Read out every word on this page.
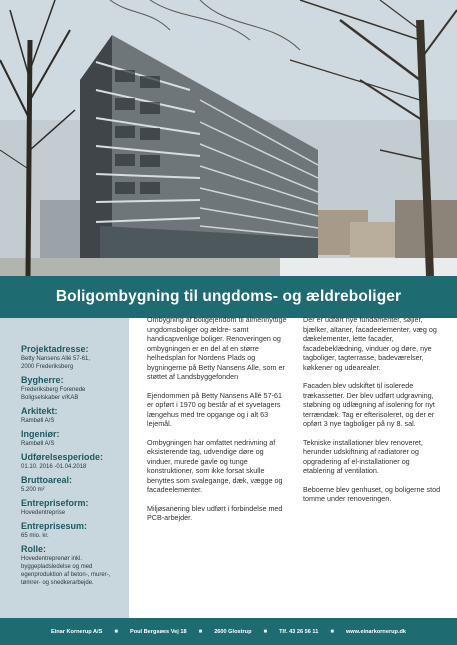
Boligombygning til ungdoms- og ældreboliger
Projektadresse:
Betty Nansens Allé 57-61,
2000 Frederiksberg
Bygherre:
Frederiksberg Forenede
Boligselskaber v/KAB
Arkitekt:
Rambøll A/S
Ingeniør:
Rambøll A/S
Udførelsesperiode:
01.10. 2016 -01.04.2018
Bruttoareal:
5.200 m²
Entrepriseform:
Hovedentreprise
Entreprisesum:
65 mio. kr.
Rolle:
Hovedentreprenør inkl.
byggepladsledelse og med
egenproduktion af beton-, murer-,
tømrer- og snedkerarbejde.

Ombygning af boligejendom til almennyttige ungdomsboliger og ældre- samt handicapvenlige boliger. Renoveringen og ombygningen er en del af en større helhedsplan for Nordens Plads og bygningerne på Betty Nansens Alle, som er støttet af Landsbyggefonden

Ejendommen på Betty Nansens Allé 57-61 er opført i 1970 og består af et syvetagers længehus med tre opgange og i alt 63 lejemål.

Ombygningen har omfattet nedrivning af eksisterende tag, udvendige døre og vinduer, murede gavle og tunge konstruktioner, som ikke forsat skulle benyttes som svalegange, dæk, vægge og facadeelementer.

Miljøsanering blev udført i forbindelse med PCB-arbejder.

Der er udført nye fundamenter, søjler, bjælker, altaner, facadeelementer, væg og dækelementer, lette facader, facadebeklædning, vinduer og døre, nye tagboliger, tagterrasse, badeværelser, køkkener og udearealer.

Facaden blev udskiftet til isolerede trækassetter. Der blev udført udgravning, støbning og udlægning af isolering for nyt terrændæk. Tag er efterisoleret, og der er opført 3 nye tagboliger på ny 8. sal.

Tekniske installationer blev renoveret, herunder udskiftning af radiatorer og opgradering af el-installationer og etablering af ventilation.

Beboerne blev genhuset, og boligerne stod tomme under renoveringen.

Einar Kornerup A/S ■ Poul Bergsøes Vej 18 ■ 2600 Glostrup ■ Tlf. 43 26 56 11 ■ www.einarkornerup.dk
